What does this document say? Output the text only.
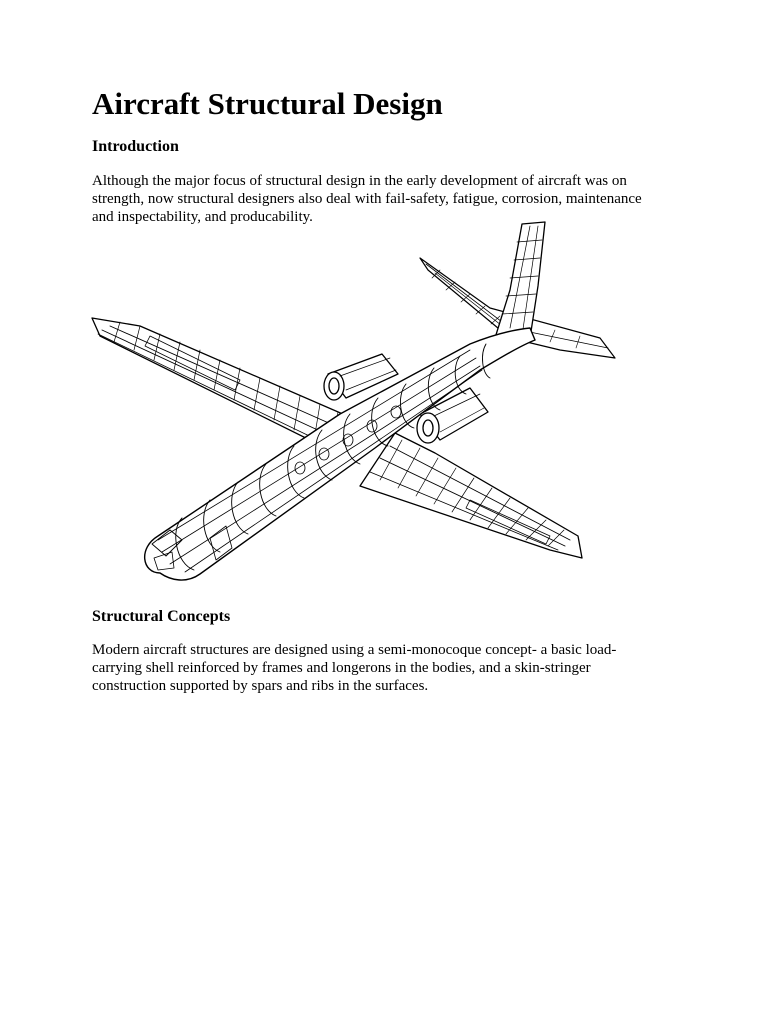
Aircraft Structural Design
Introduction

Although the major focus of structural design in the early development of aircraft was on
strength, now structural designers also deal with fail-safety, fatigue, corrosion, maintenance
and inspectability, and producability.

Structural Concepts

Modern aircraft structures are designed using a semi-monocoque concept- a basic load-
carrying shell reinforced by frames and longerons in the bodies, and a skin-stringer
construction supported by spars and ribs in the surfaces.
